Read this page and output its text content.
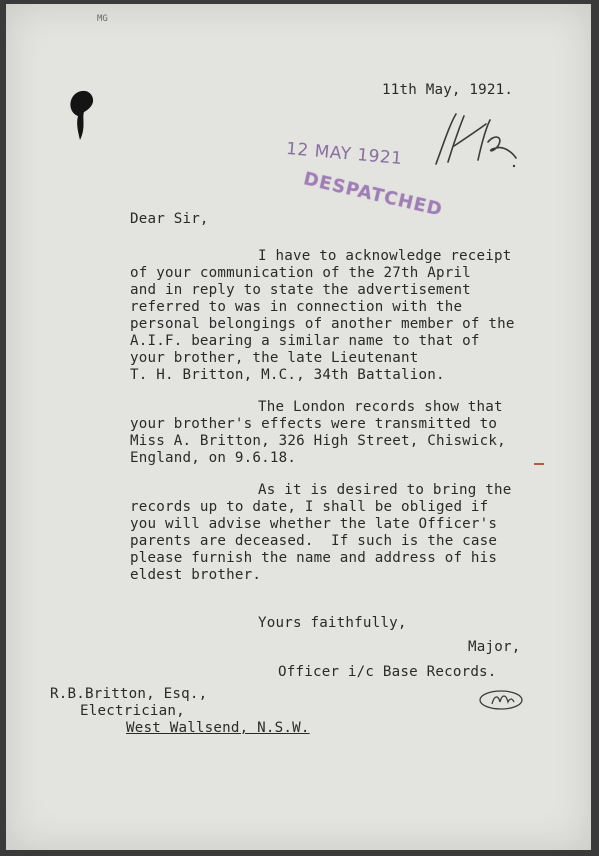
MG
11th May, 1921.
12 MAY 1921
DESPATCHED
Dear Sir,
I have to acknowledge receipt
of your communication of the 27th April
and in reply to state the advertisement
referred to was in connection with the
personal belongings of another member of the
A.I.F. bearing a similar name to that of
your brother, the late Lieutenant
T. H. Britton, M.C., 34th Battalion.
The London records show that
your brother's effects were transmitted to
Miss A. Britton, 326 High Street, Chiswick,
England, on 9.6.18.
As it is desired to bring the
records up to date, I shall be obliged if
you will advise whether the late Officer's
parents are deceased.  If such is the case
please furnish the name and address of his
eldest brother.
Yours faithfully,
Major,
Officer i/c Base Records.
R.B.Britton, Esq.,
Electrician,
West Wallsend, N.S.W.
